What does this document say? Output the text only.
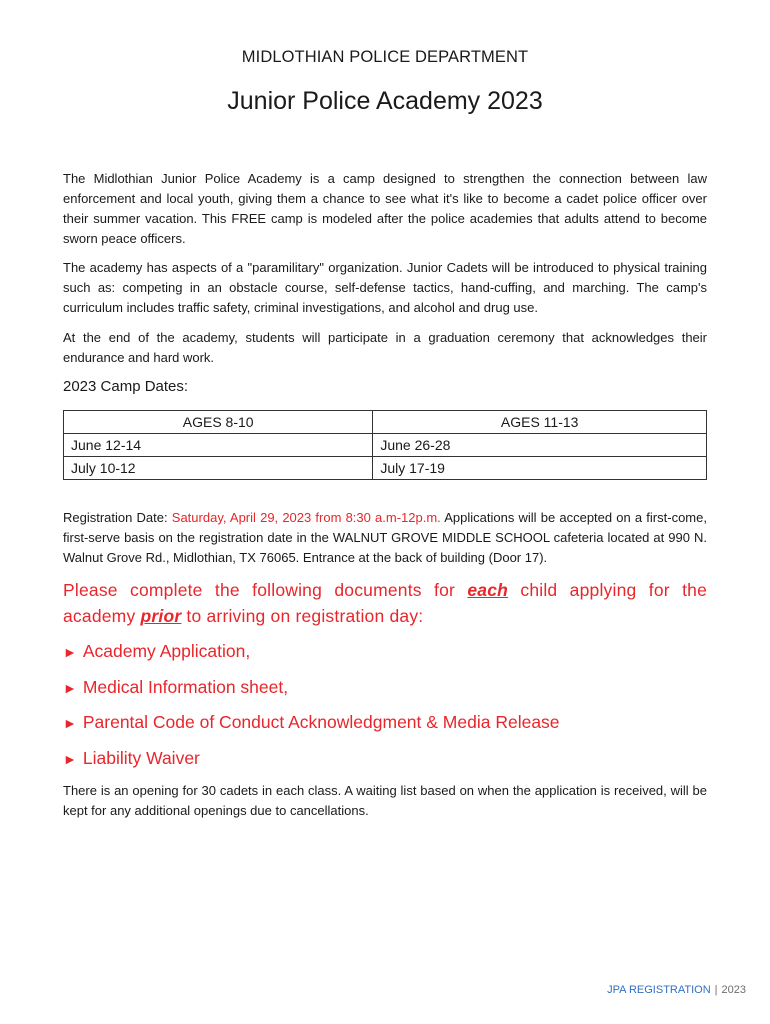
MIDLOTHIAN POLICE DEPARTMENT
Junior Police Academy 2023

The Midlothian Junior Police Academy is a camp designed to strengthen the connection between law enforcement and local youth, giving them a chance to see what it's like to become a cadet police officer over their summer vacation. This FREE camp is modeled after the police academies that adults attend to become sworn peace officers.

The academy has aspects of a "paramilitary" organization. Junior Cadets will be introduced to physical training such as: competing in an obstacle course, self-defense tactics, hand-cuffing, and marching. The camp's curriculum includes traffic safety, criminal investigations, and alcohol and drug use.

At the end of the academy, students will participate in a graduation ceremony that acknowledges their endurance and hard work.

2023 Camp Dates:
AGES 8-10	AGES 11-13
June 12-14	June 26-28
July 10-12	July 17-19

Registration Date: Saturday, April 29, 2023 from 8:30 a.m-12p.m. Applications will be accepted on a first-come, first-serve basis on the registration date in the WALNUT GROVE MIDDLE SCHOOL cafeteria located at 990 N. Walnut Grove Rd., Midlothian, TX 76065. Entrance at the back of building (Door 17).

Please complete the following documents for each child applying for the academy prior to arriving on registration day:

► Academy Application,
► Medical Information sheet,
► Parental Code of Conduct Acknowledgment & Media Release
► Liability Waiver

There is an opening for 30 cadets in each class. A waiting list based on when the application is received, will be kept for any additional openings due to cancellations.

JPA REGISTRATION | 2023
